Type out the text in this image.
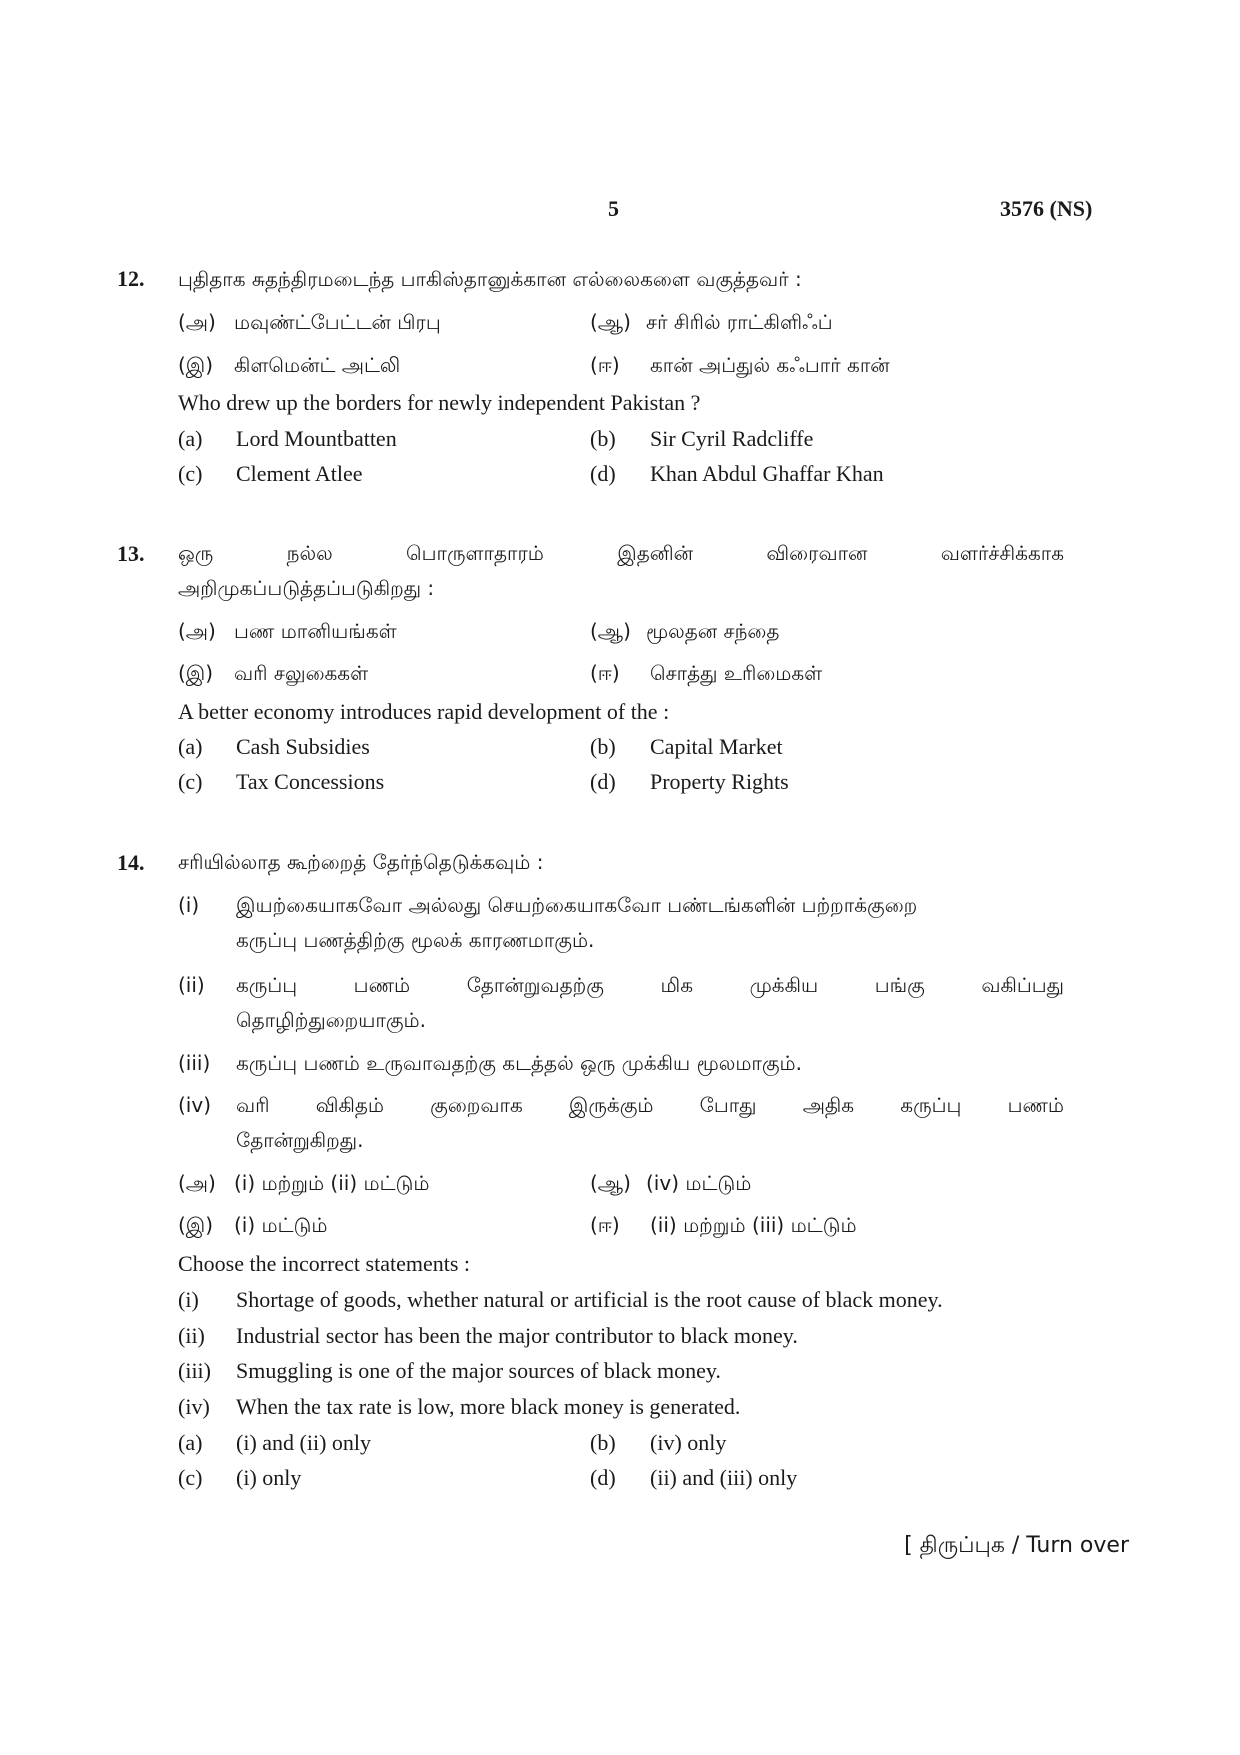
5	3576 (NS)
12. புதிதாக சுதந்திரமடைந்த பாகிஸ்தானுக்கான எல்லைகளை வகுத்தவர் :
(அ) மவுண்ட்பேட்டன் பிரபு	(ஆ) சர் சிரில் ராட்கிளிஃப்
(இ) கிளமென்ட் அட்லி	(ஈ) கான் அப்துல் கஃபார் கான்
Who drew up the borders for newly independent Pakistan ?
(a) Lord Mountbatten	(b) Sir Cyril Radcliffe
(c) Clement Atlee	(d) Khan Abdul Ghaffar Khan
13. ஒரு நல்ல பொருளாதாரம் இதனின் விரைவான வளர்ச்சிக்காக
அறிமுகப்படுத்தப்படுகிறது :
(அ) பண மானியங்கள்	(ஆ) மூலதன சந்தை
(இ) வரி சலுகைகள்	(ஈ) சொத்து உரிமைகள்
A better economy introduces rapid development of the :
(a) Cash Subsidies	(b) Capital Market
(c) Tax Concessions	(d) Property Rights
14. சரியில்லாத கூற்றைத் தேர்ந்தெடுக்கவும் :
(i) இயற்கையாகவோ அல்லது செயற்கையாகவோ பண்டங்களின் பற்றாக்குறை
கருப்பு பணத்திற்கு மூலக் காரணமாகும்.
(ii) கருப்பு பணம் தோன்றுவதற்கு மிக முக்கிய பங்கு வகிப்பது
தொழிற்துறையாகும்.
(iii) கருப்பு பணம் உருவாவதற்கு கடத்தல் ஒரு முக்கிய மூலமாகும்.
(iv) வரி விகிதம் குறைவாக இருக்கும் போது அதிக கருப்பு பணம்
தோன்றுகிறது.
(அ) (i) மற்றும் (ii) மட்டும்	(ஆ) (iv) மட்டும்
(இ) (i) மட்டும்	(ஈ) (ii) மற்றும் (iii) மட்டும்
Choose the incorrect statements :
(i) Shortage of goods, whether natural or artificial is the root cause of black money.
(ii) Industrial sector has been the major contributor to black money.
(iii) Smuggling is one of the major sources of black money.
(iv) When the tax rate is low, more black money is generated.
(a) (i) and (ii) only	(b) (iv) only
(c) (i) only	(d) (ii) and (iii) only
[ திருப்புக / Turn over
